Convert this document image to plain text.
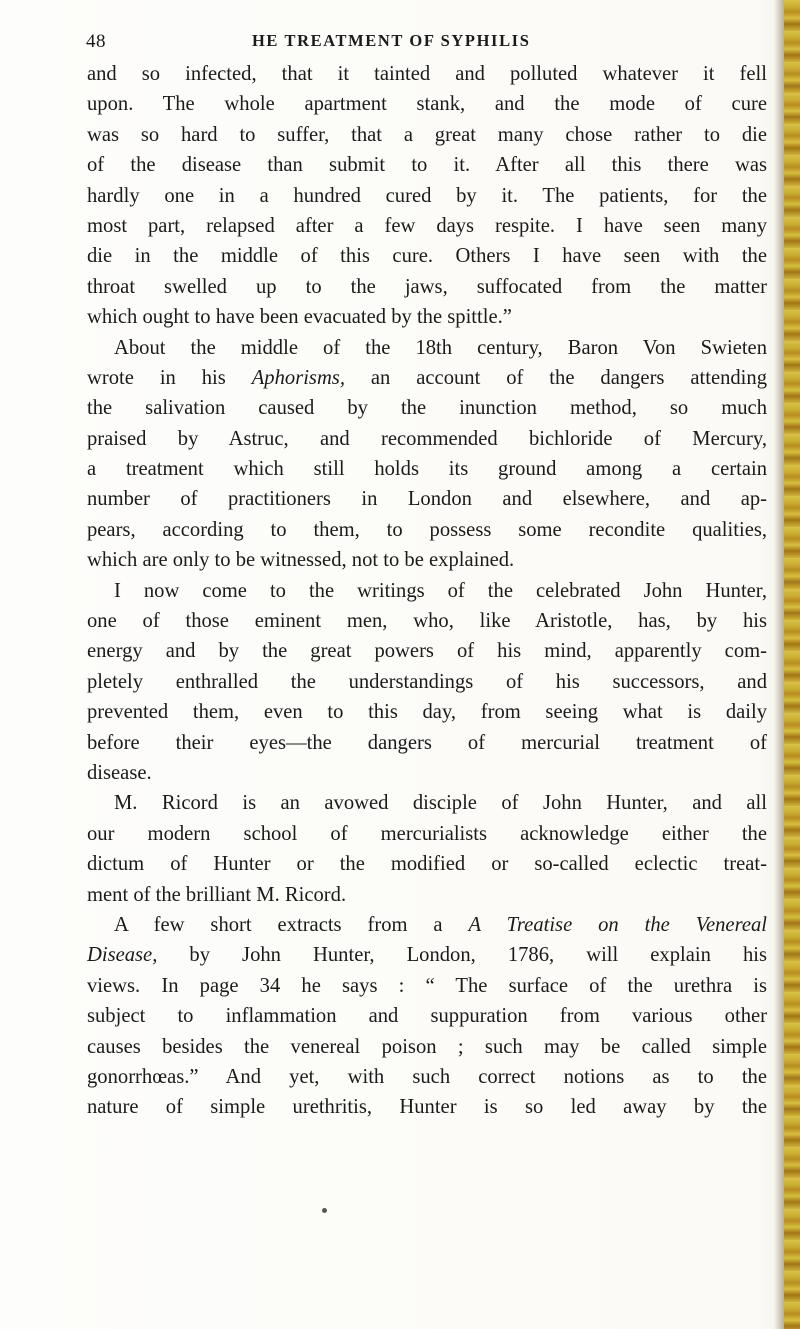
48	HE TREATMENT OF SYPHILIS
and so infected, that it tainted and polluted whatever it fell
upon. The whole apartment stank, and the mode of cure
was so hard to suffer, that a great many chose rather to die
of the disease than submit to it. After all this there was
hardly one in a hundred cured by it. The patients, for the
most part, relapsed after a few days respite. I have seen many
die in the middle of this cure. Others I have seen with the
throat swelled up to the jaws, suffocated from the matter
which ought to have been evacuated by the spittle.”
About the middle of the 18th century, Baron Von Swieten
wrote in his Aphorisms, an account of the dangers attending
the salivation caused by the inunction method, so much
praised by Astruc, and recommended bichloride of Mercury,
a treatment which still holds its ground among a certain
number of practitioners in London and elsewhere, and ap-
pears, according to them, to possess some recondite qualities,
which are only to be witnessed, not to be explained.
I now come to the writings of the celebrated John Hunter,
one of those eminent men, who, like Aristotle, has, by his
energy and by the great powers of his mind, apparently com-
pletely enthralled the understandings of his successors, and
prevented them, even to this day, from seeing what is daily
before their eyes—the dangers of mercurial treatment of
disease.
M. Ricord is an avowed disciple of John Hunter, and all
our modern school of mercurialists acknowledge either the
dictum of Hunter or the modified or so-called eclectic treat-
ment of the brilliant M. Ricord.
A few short extracts from a A Treatise on the Venereal
Disease, by John Hunter, London, 1786, will explain his
views. In page 34 he says : “ The surface of the urethra is
subject to inflammation and suppuration from various other
causes besides the venereal poison ; such may be called simple
gonorrhœas.” And yet, with such correct notions as to the
nature of simple urethritis, Hunter is so led away by the
